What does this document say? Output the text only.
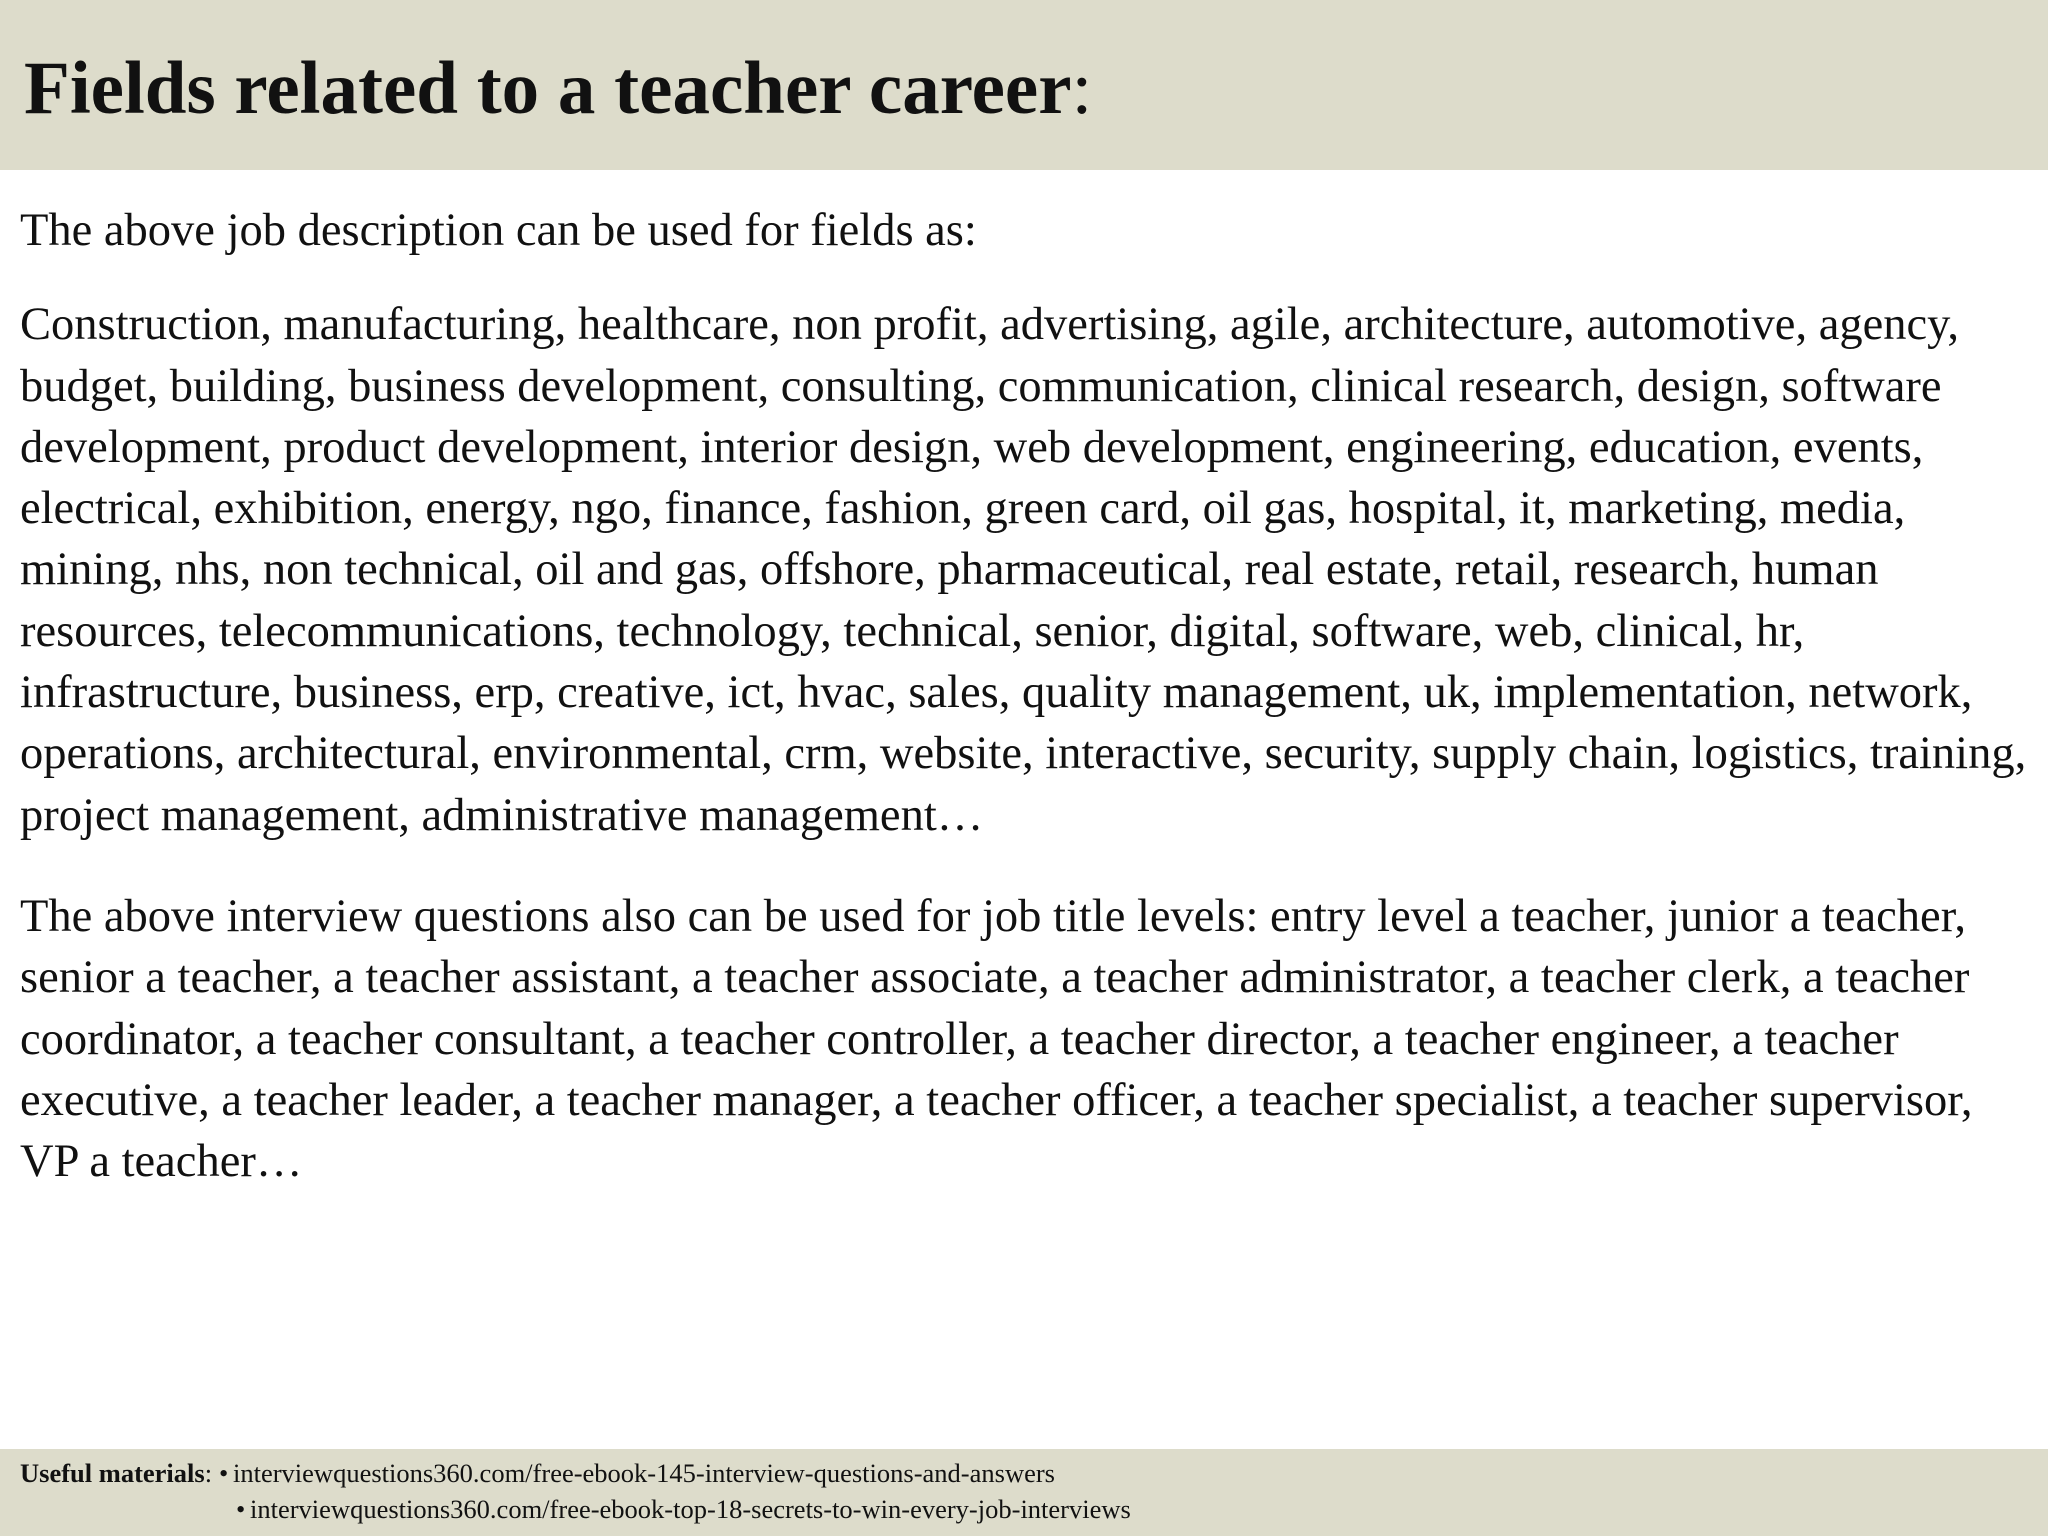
Fields related to a teacher career:

The above job description can be used for fields as:

Construction, manufacturing, healthcare, non profit, advertising, agile, architecture, automotive, agency, budget, building, business development, consulting, communication, clinical research, design, software development, product development, interior design, web development, engineering, education, events, electrical, exhibition, energy, ngo, finance, fashion, green card, oil gas, hospital, it, marketing, media, mining, nhs, non technical, oil and gas, offshore, pharmaceutical, real estate, retail, research, human resources, telecommunications, technology, technical, senior, digital, software, web, clinical, hr, infrastructure, business, erp, creative, ict, hvac, sales, quality management, uk, implementation, network, operations, architectural, environmental, crm, website, interactive, security, supply chain, logistics, training, project management, administrative management…

The above interview questions also can be used for job title levels: entry level a teacher, junior a teacher, senior a teacher, a teacher assistant, a teacher associate, a teacher administrator, a teacher clerk, a teacher coordinator, a teacher consultant, a teacher controller, a teacher director, a teacher engineer, a teacher executive, a teacher leader, a teacher manager, a teacher officer, a teacher specialist, a teacher supervisor, VP a teacher…

Useful materials:• interviewquestions360.com/free-ebook-145-interview-questions-and-answers
• interviewquestions360.com/free-ebook-top-18-secrets-to-win-every-job-interviews
